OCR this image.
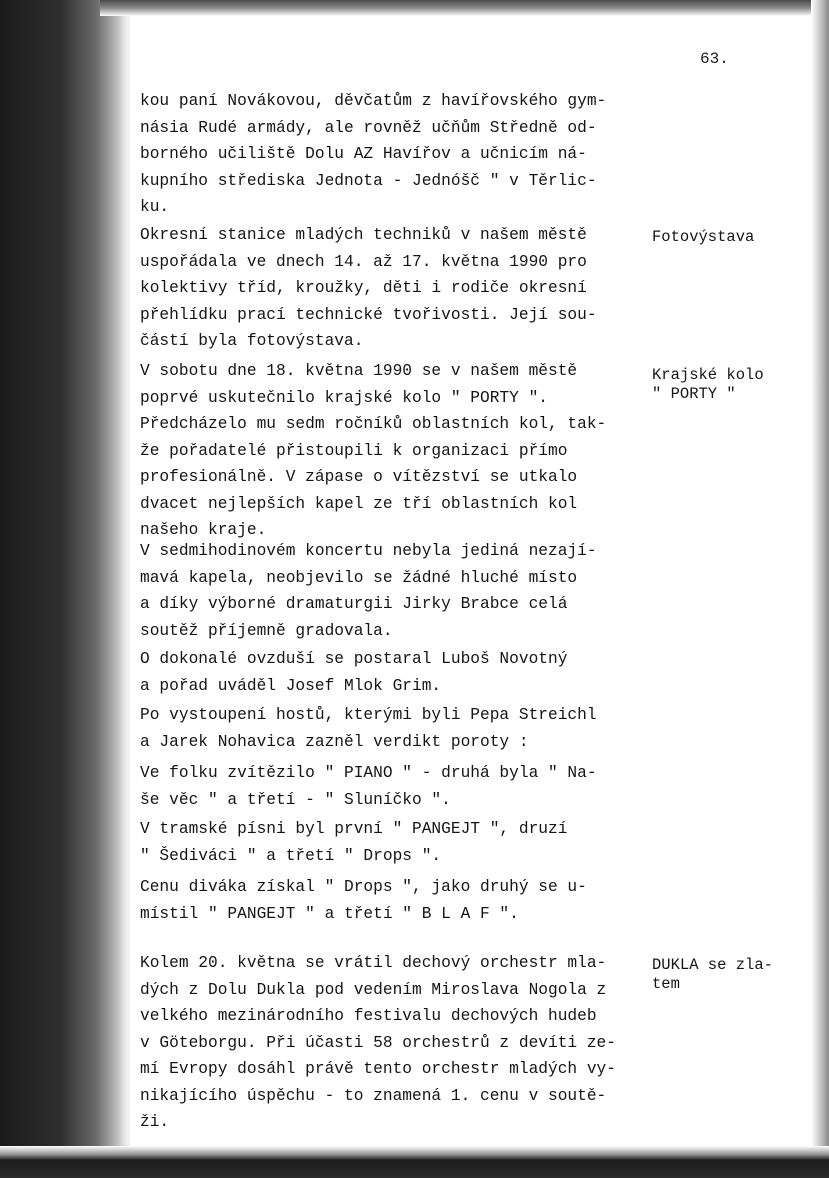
63.
kou paní Novákovou, děvčatům z havířovského gym-
násia Rudé armády, ale rovněž učňům Středně od-
borného učiliště Dolu AZ Havířov a učnicím ná-
kupního střediska Jednota - Jednóšč " v Těrlic-
ku.
Okresní stanice mladých techniků v našem městě
uspořádala ve dnech 14. až 17. května 1990 pro
kolektivy tříd, kroužky, děti i rodiče okresní
přehlídku prací technické tvořivosti. Její sou-
částí byla fotovýstava.
V sobotu dne 18. května 1990 se v našem městě
poprvé uskutečnilo krajské kolo " PORTY ".
Předcházelo mu sedm ročníků oblastních kol, tak-
že pořadatelé přistoupili k organizaci přímo
profesionálně. V zápase o vítězství se utkalo
dvacet nejlepších kapel ze tří oblastních kol
našeho kraje.
V sedmihodinovém koncertu nebyla jediná nezají-
mavá kapela, neobjevilo se žádné hluché místo
a díky výborné dramaturgii Jirky Brabce celá
soutěž příjemně gradovala.
O dokonalé ovzduší se postaral Luboš Novotný
a pořad uváděl Josef Mlok Grim.
Po vystoupení hostů, kterými byli Pepa Streichl
a Jarek Nohavica zazněl verdikt poroty :
Ve folku zvítězilo " PIANO " - druhá byla " Na-
še věc " a třetí - " Sluníčko ".
V tramské písni byl první " PANGEJT ", druzí
" Šediváci " a třetí " Drops ".
Cenu diváka získal " Drops ", jako druhý se u-
místil " PANGEJT " a třetí " B L A F ".
Kolem 20. května se vrátil dechový orchestr mla-
dých z Dolu Dukla pod vedením Miroslava Nogola z
velkého mezinárodního festivalu dechových hudeb
v Göteborgu. Při účasti 58 orchestrů z devíti ze-
mí Evropy dosáhl právě tento orchestr mladých vy-
nikajícího úspěchu - to znamená 1. cenu v soutě-
ži.
Fotovýstava
Krajské kolo
" PORTY "
DUKLA se zla-
tem
